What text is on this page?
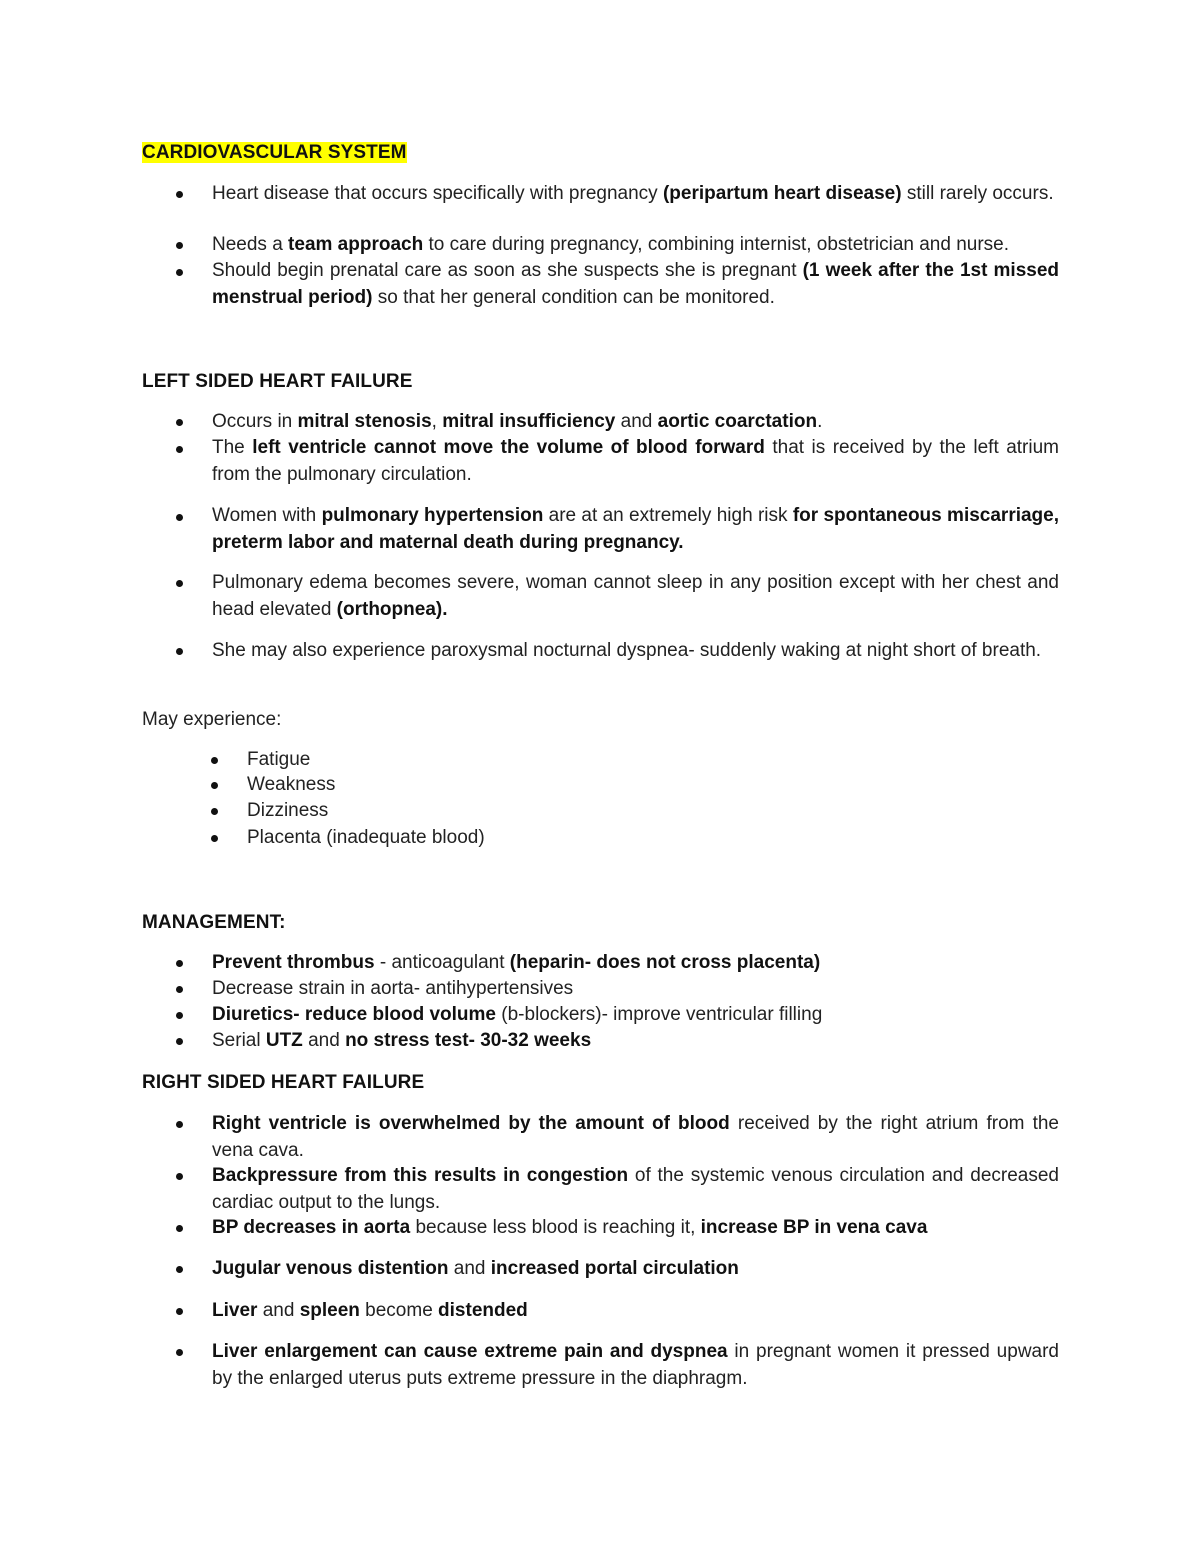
CARDIOVASCULAR SYSTEM
Heart disease that occurs specifically with pregnancy (peripartum heart disease) still rarely occurs.
Needs a team approach to care during pregnancy, combining internist, obstetrician and nurse.
Should begin prenatal care as soon as she suspects she is pregnant (1 week after the 1st missed menstrual period) so that her general condition can be monitored.
LEFT SIDED HEART FAILURE
Occurs in mitral stenosis, mitral insufficiency and aortic coarctation.
The left ventricle cannot move the volume of blood forward that is received by the left atrium from the pulmonary circulation.
Women with pulmonary hypertension are at an extremely high risk for spontaneous miscarriage, preterm labor and maternal death during pregnancy.
Pulmonary edema becomes severe, woman cannot sleep in any position except with her chest and head elevated (orthopnea).
She may also experience paroxysmal nocturnal dyspnea- suddenly waking at night short of breath.
May experience:
Fatigue
Weakness
Dizziness
Placenta (inadequate blood)
MANAGEMENT:
Prevent thrombus - anticoagulant (heparin- does not cross placenta)
Decrease strain in aorta- antihypertensives
Diuretics- reduce blood volume (b-blockers)- improve ventricular filling
Serial UTZ and no stress test- 30-32 weeks
RIGHT SIDED HEART FAILURE
Right ventricle is overwhelmed by the amount of blood received by the right atrium from the vena cava.
Backpressure from this results in congestion of the systemic venous circulation and decreased cardiac output to the lungs.
BP decreases in aorta because less blood is reaching it, increase BP in vena cava
Jugular venous distention and increased portal circulation
Liver and spleen become distended
Liver enlargement can cause extreme pain and dyspnea in pregnant women it pressed upward by the enlarged uterus puts extreme pressure in the diaphragm.
